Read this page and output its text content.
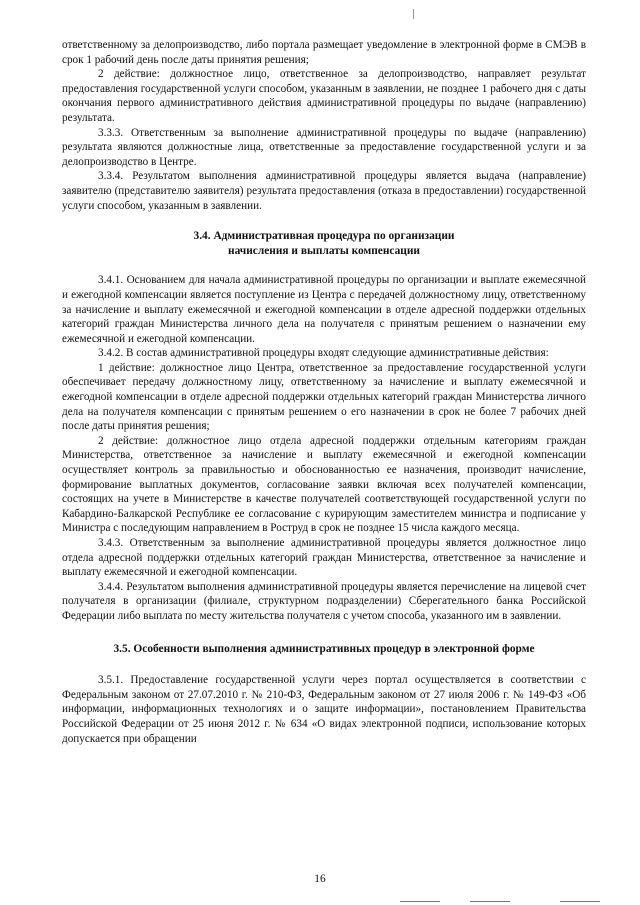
ответственному за делопроизводство, либо портала размещает уведомление в электронной форме в СМЭВ в срок 1 рабочий день после даты принятия решения;

2 действие: должностное лицо, ответственное за делопроизводство, направляет результат предоставления государственной услуги способом, указанным в заявлении, не позднее 1 рабочего дня с даты окончания первого административного действия административной процедуры по выдаче (направлению) результата.

3.3.3. Ответственным за выполнение административной процедуры по выдаче (направлению) результата являются должностные лица, ответственные за предоставление государственной услуги и за делопроизводство в Центре.

3.3.4. Результатом выполнения административной процедуры является выдача (направление) заявителю (представителю заявителя) результата предоставления (отказа в предоставлении) государственной услуги способом, указанным в заявлении.

3.4. Административная процедура по организации
начисления и выплаты компенсации

3.4.1. Основанием для начала административной процедуры по организации и выплате ежемесячной и ежегодной компенсации является поступление из Центра с передачей должностному лицу, ответственному за начисление и выплату ежемесячной и ежегодной компенсации в отделе адресной поддержки отдельных категорий граждан Министерства личного дела на получателя с принятым решением о назначении ему ежемесячной и ежегодной компенсации.

3.4.2. В состав административной процедуры входят следующие административные действия:

1 действие: должностное лицо Центра, ответственное за предоставление государственной услуги обеспечивает передачу должностному лицу, ответственному за начисление и выплату ежемесячной и ежегодной компенсации в отделе адресной поддержки отдельных категорий граждан Министерства личного дела на получателя компенсации с принятым решением о его назначении в срок не более 7 рабочих дней после даты принятия решения;

2 действие: должностное лицо отдела адресной поддержки отдельным категориям граждан Министерства, ответственное за начисление и выплату ежемесячной и ежегодной компенсации осуществляет контроль за правильностью и обоснованностью ее назначения, производит начисление, формирование выплатных документов, согласование заявки включая всех получателей компенсации, состоящих на учете в Министерстве в качестве получателей соответствующей государственной услуги по Кабардино-Балкарской Республике ее согласование с курирующим заместителем министра и подписание у Министра с последующим направлением в Роструд в срок не позднее 15 числа каждого месяца.

3.4.3. Ответственным за выполнение административной процедуры является должностное лицо отдела адресной поддержки отдельных категорий граждан Министерства, ответственное за начисление и выплату ежемесячной и ежегодной компенсации.

3.4.4. Результатом выполнения административной процедуры является перечисление на лицевой счет получателя в организации (филиале, структурном подразделении) Сберегательного банка Российской Федерации либо выплата по месту жительства получателя с учетом способа, указанного им в заявлении.

3.5. Особенности выполнения административных процедур в электронной форме

3.5.1. Предоставление государственной услуги через портал осуществляется в соответствии с Федеральным законом от 27.07.2010 г. № 210-ФЗ, Федеральным законом от 27 июля 2006 г. № 149-ФЗ «Об информации, информационных технологиях и о защите информации», постановлением Правительства Российской Федерации от 25 июня 2012 г. № 634 «О видах электронной подписи, использование которых допускается при обращении

16
